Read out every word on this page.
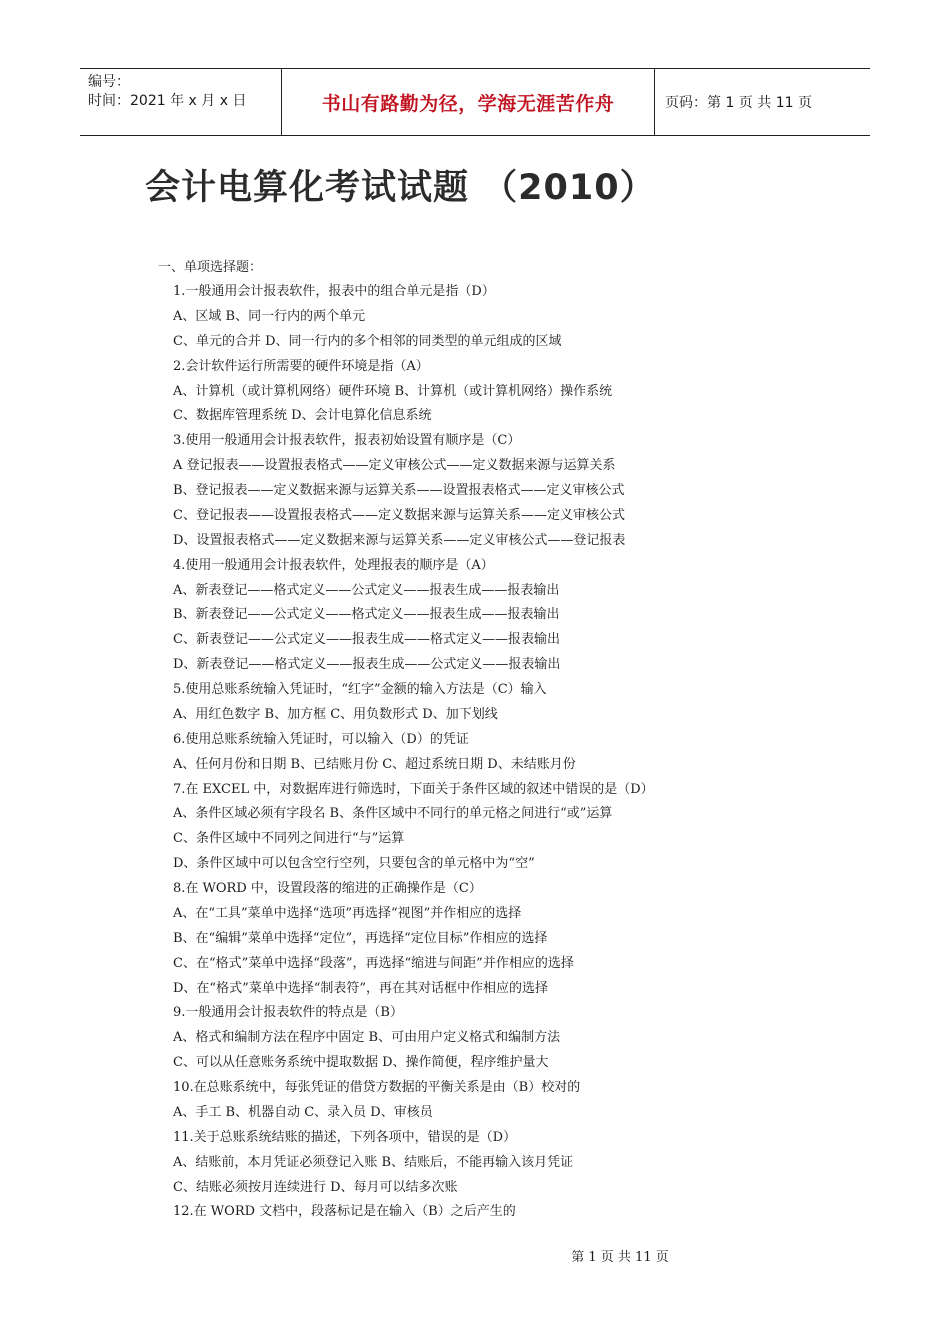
编号：
时间：2021 年 x 月 x 日	书山有路勤为径，学海无涯苦作舟	页码：第 1 页 共 11 页
会计电算化考试试题 （2010）
一、单项选择题：
1.一般通用会计报表软件，报表中的组合单元是指（D）
A、区域 B、同一行内的两个单元
C、单元的合并 D、同一行内的多个相邻的同类型的单元组成的区域
2.会计软件运行所需要的硬件环境是指（A）
A、计算机（或计算机网络）硬件环境 B、计算机（或计算机网络）操作系统
C、数据库管理系统 D、会计电算化信息系统
3.使用一般通用会计报表软件，报表初始设置有顺序是（C）
A 登记报表——设置报表格式——定义审核公式——定义数据来源与运算关系
B、登记报表——定义数据来源与运算关系——设置报表格式——定义审核公式
C、登记报表——设置报表格式——定义数据来源与运算关系——定义审核公式
D、设置报表格式——定义数据来源与运算关系——定义审核公式——登记报表
4.使用一般通用会计报表软件，处理报表的顺序是（A）
A、新表登记——格式定义——公式定义——报表生成——报表输出
B、新表登记——公式定义——格式定义——报表生成——报表输出
C、新表登记——公式定义——报表生成——格式定义——报表输出
D、新表登记——格式定义——报表生成——公式定义——报表输出
5.使用总账系统输入凭证时，“红字”金额的输入方法是（C）输入
A、用红色数字 B、加方框 C、用负数形式 D、加下划线
6.使用总账系统输入凭证时，可以输入（D）的凭证
A、任何月份和日期 B、已结账月份 C、超过系统日期 D、未结账月份
7.在 EXCEL 中，对数据库进行筛选时，下面关于条件区域的叙述中错误的是（D）
A、条件区域必须有字段名 B、条件区域中不同行的单元格之间进行“或”运算
C、条件区域中不同列之间进行“与”运算
D、条件区域中可以包含空行空列，只要包含的单元格中为“空”
8.在 WORD 中，设置段落的缩进的正确操作是（C）
A、在“工具”菜单中选择“选项”再选择“视图”并作相应的选择
B、在“编辑”菜单中选择“定位”，再选择“定位目标”作相应的选择
C、在“格式”菜单中选择“段落”，再选择“缩进与间距”并作相应的选择
D、在“格式”菜单中选择“制表符”，再在其对话框中作相应的选择
9.一般通用会计报表软件的特点是（B）
A、格式和编制方法在程序中固定 B、可由用户定义格式和编制方法
C、可以从任意账务系统中提取数据 D、操作简便，程序维护量大
10.在总账系统中，每张凭证的借贷方数据的平衡关系是由（B）校对的
A、手工 B、机器自动 C、录入员 D、审核员
11.关于总账系统结账的描述，下列各项中，错误的是（D）
A、结账前，本月凭证必须登记入账 B、结账后，不能再输入该月凭证
C、结账必须按月连续进行 D、每月可以结多次账
12.在 WORD 文档中，段落标记是在输入（B）之后产生的
第 1 页 共 11 页
